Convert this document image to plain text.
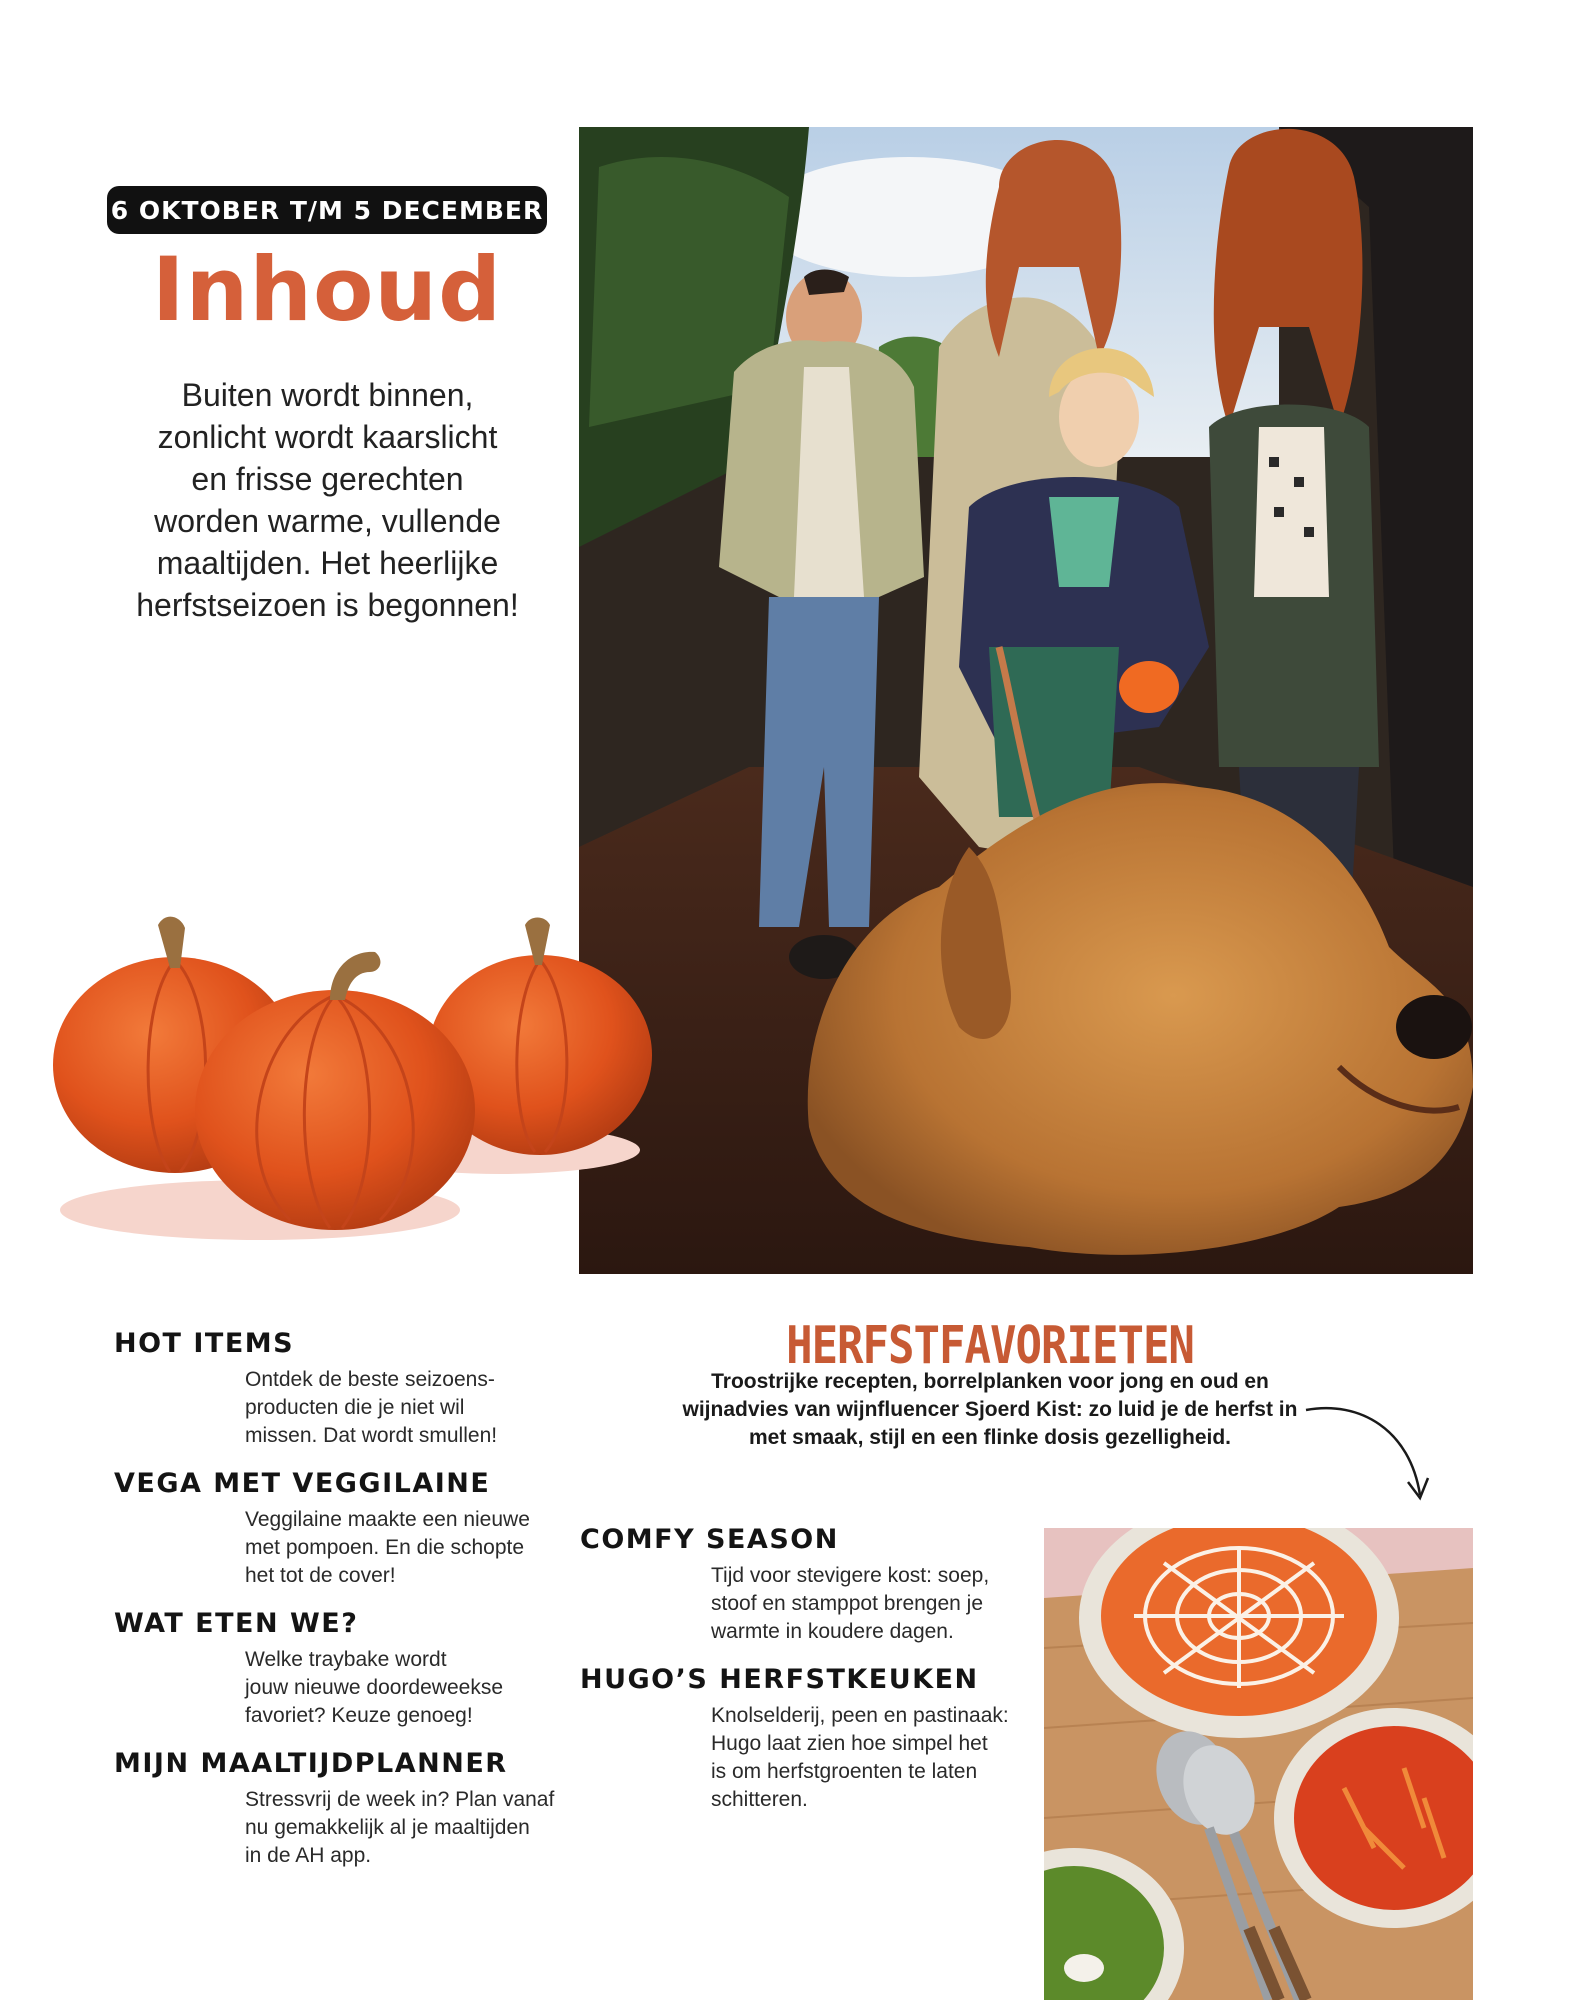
6 OKTOBER T/M 5 DECEMBER
Inhoud
Buiten wordt binnen,
zonlicht wordt kaarslicht
en frisse gerechten
worden warme, vullende
maaltijden. Het heerlijke
herfstseizoen is begonnen!
HOT ITEMS
Ontdek de beste seizoens-
producten die je niet wil
missen. Dat wordt smullen!
VEGA MET VEGGILAINE
Veggilaine maakte een nieuwe
met pompoen. En die schopte
het tot de cover!
WAT ETEN WE?
Welke traybake wordt
jouw nieuwe doordeweekse
favoriet? Keuze genoeg!
MIJN MAALTIJDPLANNER
Stressvrij de week in? Plan vanaf
nu gemakkelijk al je maaltijden
in de AH app.
HERFSTFAVORIETEN
Troostrijke recepten, borrelplanken voor jong en oud en
wijnadvies van wijnfluencer Sjoerd Kist: zo luid je de herfst in
met smaak, stijl en een flinke dosis gezelligheid.
COMFY SEASON
Tijd voor stevigere kost: soep,
stoof en stamppot brengen je
warmte in koudere dagen.
HUGO’S HERFSTKEUKEN
Knolselderij, peen en pastinaak:
Hugo laat zien hoe simpel het
is om herfstgroenten te laten
schitteren.
